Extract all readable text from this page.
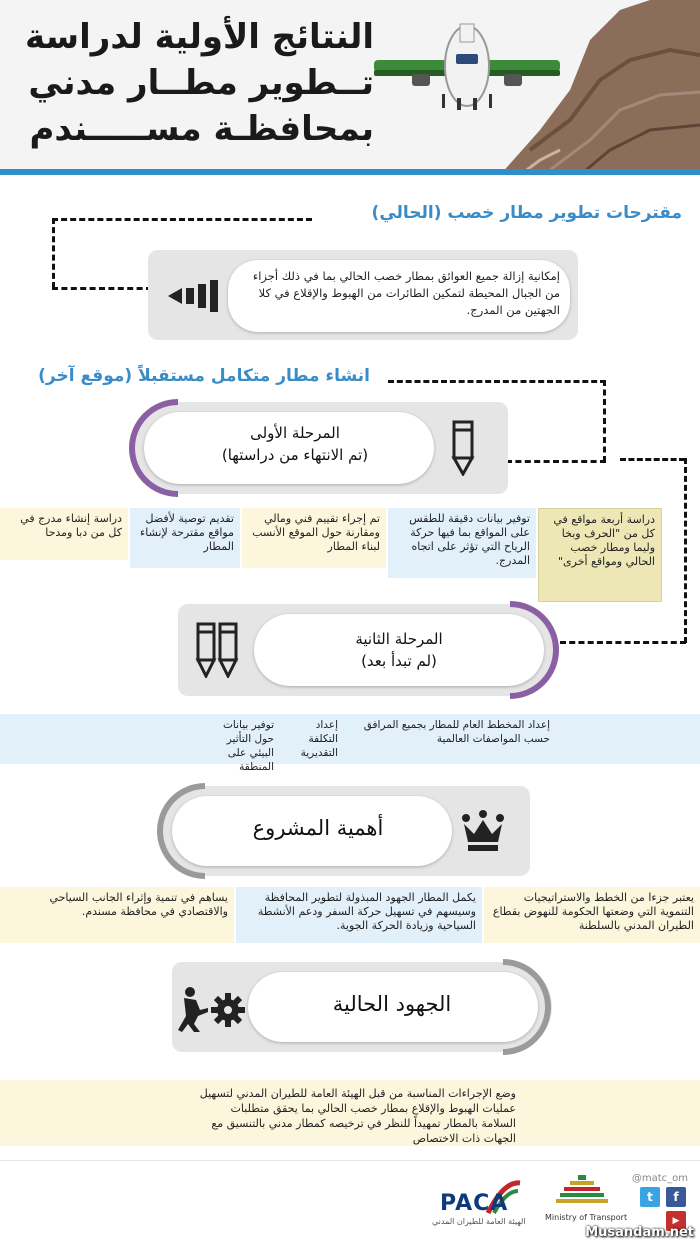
النتائج الأولية لدراسة
تــطوير مطــار مدني
بمحافظـة مســـــندم
مقترحات تطوير مطار خصب (الحالي)
إمكانية إزالة جميع العوائق بمطار خصب الحالي بما في ذلك أجزاء من الجبال المحيطة لتمكين الطائرات من الهبوط والإقلاع في كلا الجهتين من المدرج.
انشاء مطار متكامل مستقبلاً (موقع آخر)
المرحلة الأولى
(تم الانتهاء من دراستها)
دراسة أربعة مواقع في كل من "الحرف وبخا وليما ومطار خصب الحالي ومواقع أخرى"
توفير بيانات دقيقة للطقس على المواقع بما فيها حركة الرياح التي تؤثر على اتجاه المدرج.
تم إجراء تقييم فني ومالي ومقارنة حول الموقع الأنسب لبناء المطار
تقديم توصية لأفضل مواقع مقترحة لإنشاء المطار
دراسة إنشاء مدرج في كل من دبا ومدحا
المرحلة الثانية
(لم تبدأ بعد)
إعداد المخطط العام للمطار بجميع المرافق حسب المواصفات العالمية
إعداد التكلفة التقديرية
توفير بيانات حول التأثير البيئي على المنطقة
أهمية المشروع
يعتبر جزءا من الخطط والاستراتيجيات التنموية التي وضعتها الحكومة للنهوض بقطاع الطيران المدني بالسلطنة
يكمل المطار الجهود المبذولة لتطوير المحافظة وسيسهم في تسهيل حركة السفر ودعم الأنشطة السياحية وزيادة الحركة الجوية.
يساهم في تنمية وإثراء الجانب السياحي والاقتصادي في محافظة مسندم.
الجهود الحالية
وضع الإجراءات المناسبة من قبل الهيئة العامة للطيران المدني لتسهيل عمليات الهبوط والإقلاع بمطار خصب الحالي بما يحقق متطلبات السلامة بالمطار تمهيداً للنظر في ترخيصه كمطار مدني بالتنسيق مع الجهات ذات الاختصاص
@matc_om
t	f
▶
PACA
الهيئة العامة للطيران المدني Ministry of Transport
Musandam.net
